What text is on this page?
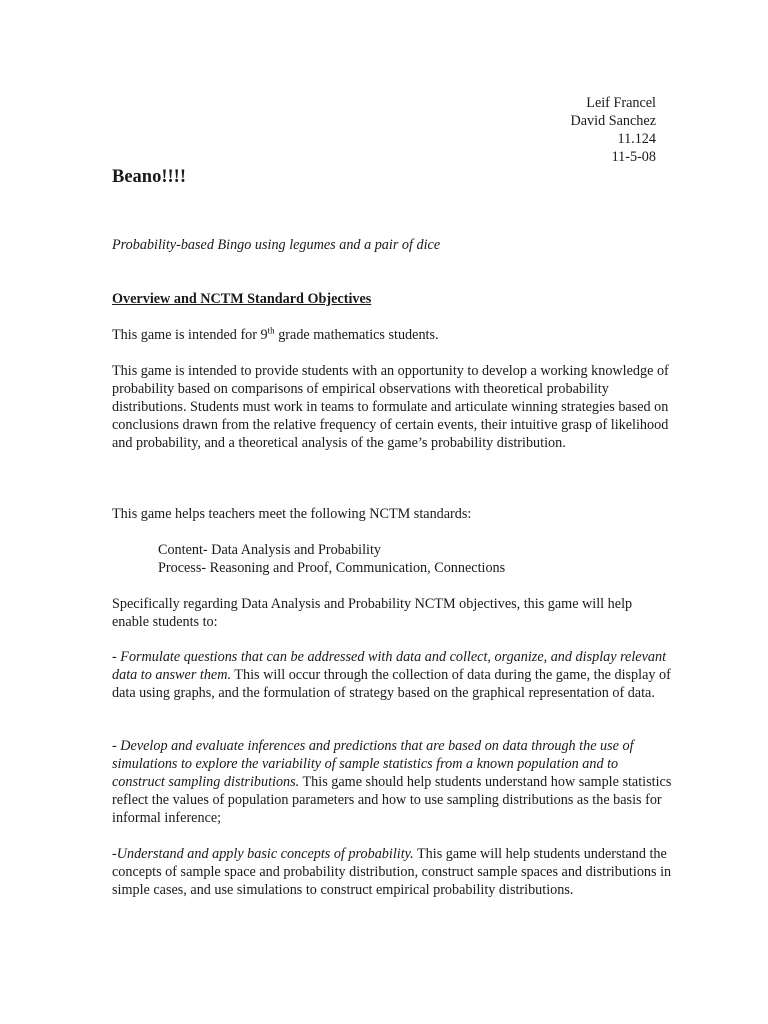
Leif Francel
David Sanchez
11.124
11-5-08
Beano!!!!
Probability-based Bingo using legumes and a pair of dice
Overview and NCTM Standard Objectives

This game is intended for 9th grade mathematics students.

This game is intended to provide students with an opportunity to develop a working knowledge of probability based on comparisons of empirical observations with theoretical probability distributions. Students must work in teams to formulate and articulate winning strategies based on conclusions drawn from the relative frequency of certain events, their intuitive grasp of likelihood and probability, and a theoretical analysis of the game’s probability distribution.

This game helps teachers meet the following NCTM standards:

Content- Data Analysis and Probability

Process- Reasoning and Proof, Communication, Connections

Specifically regarding Data Analysis and Probability NCTM objectives, this game will help enable students to:

- Formulate questions that can be addressed with data and collect, organize, and display relevant data to answer them. This will occur through the collection of data during the game, the display of data using graphs, and the formulation of strategy based on the graphical representation of data.

- Develop and evaluate inferences and predictions that are based on data through the use of simulations to explore the variability of sample statistics from a known population and to construct sampling distributions. This game should help students understand how sample statistics reflect the values of population parameters and how to use sampling distributions as the basis for informal inference;

-Understand and apply basic concepts of probability. This game will help students understand the concepts of sample space and probability distribution, construct sample spaces and distributions in simple cases, and use simulations to construct empirical probability distributions.
